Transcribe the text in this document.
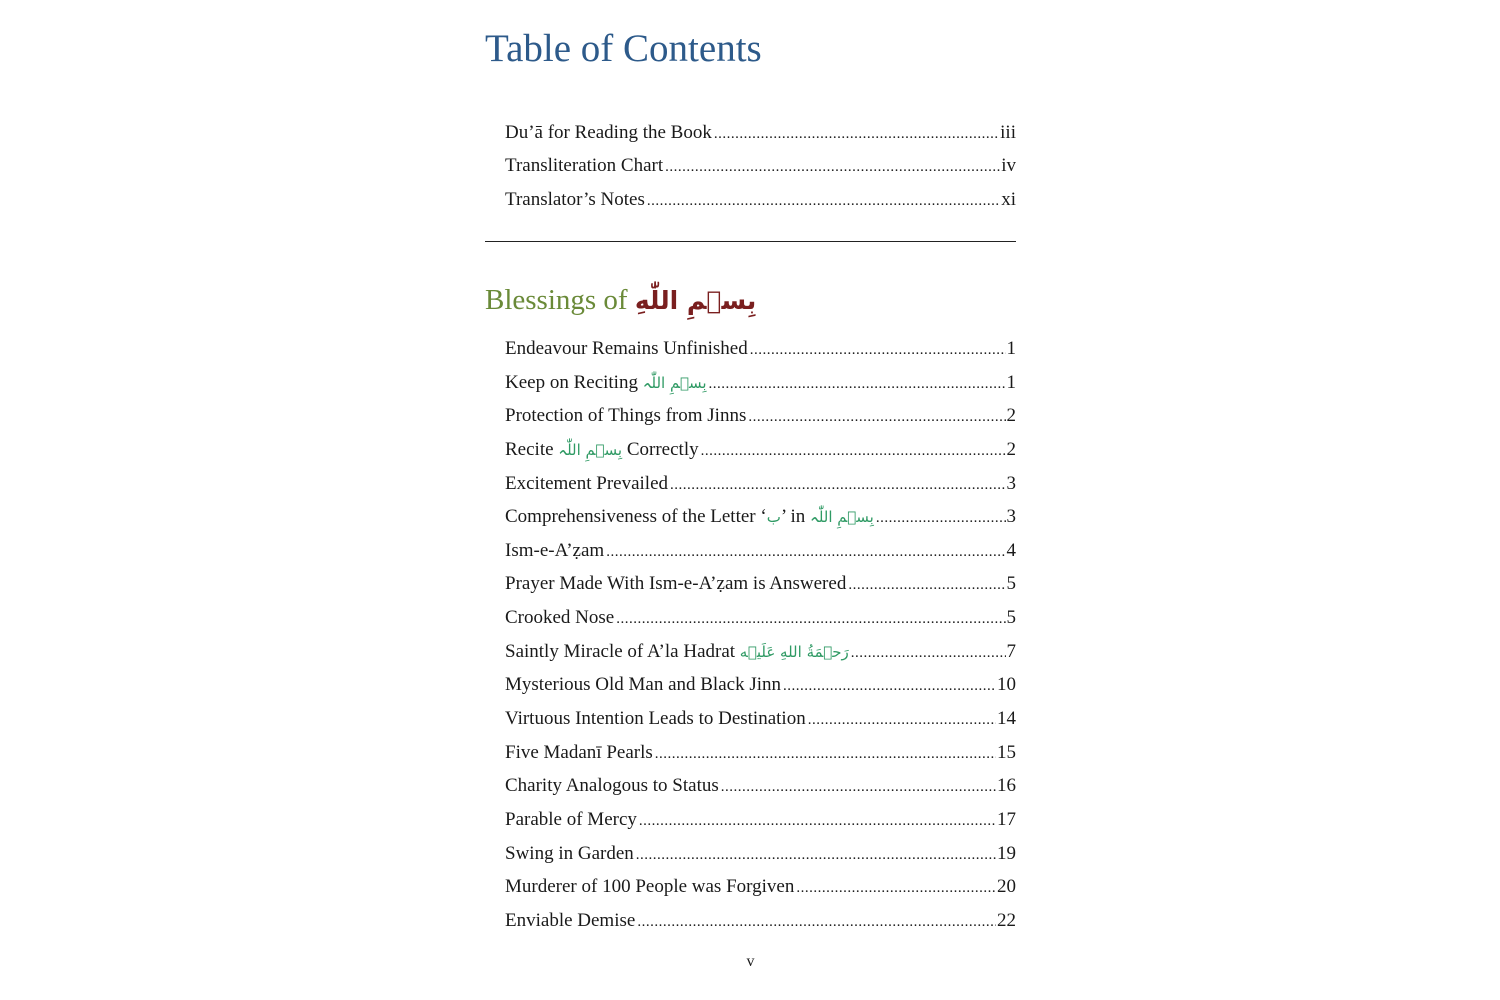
Table of Contents
Du’ā for Reading the Book .....	iii
Transliteration Chart .....	iv
Translator’s Notes .....	xi
Blessings of بِسۡمِ اللّٰهِ
Endeavour Remains Unfinished .....	1
Keep on Reciting بِسۡمِ اللّٰہ .....	1
Protection of Things from Jinns .....	2
Recite بِسۡمِ اللّٰہ Correctly .....	2
Excitement Prevailed .....	3
Comprehensiveness of the Letter ‘ب’ in بِسۡمِ اللّٰہ .....	3
Ism-e-A’ẓam .....	4
Prayer Made With Ism-e-A’ẓam is Answered .....	5
Crooked Nose .....	5
Saintly Miracle of A’la Hadrat رَحۡمَةُ اللهِ عَلَيۡه .....	7
Mysterious Old Man and Black Jinn .....	10
Virtuous Intention Leads to Destination .....	14
Five Madanī Pearls .....	15
Charity Analogous to Status .....	16
Parable of Mercy .....	17
Swing in Garden .....	19
Murderer of 100 People was Forgiven .....	20
Enviable Demise .....	22
v
